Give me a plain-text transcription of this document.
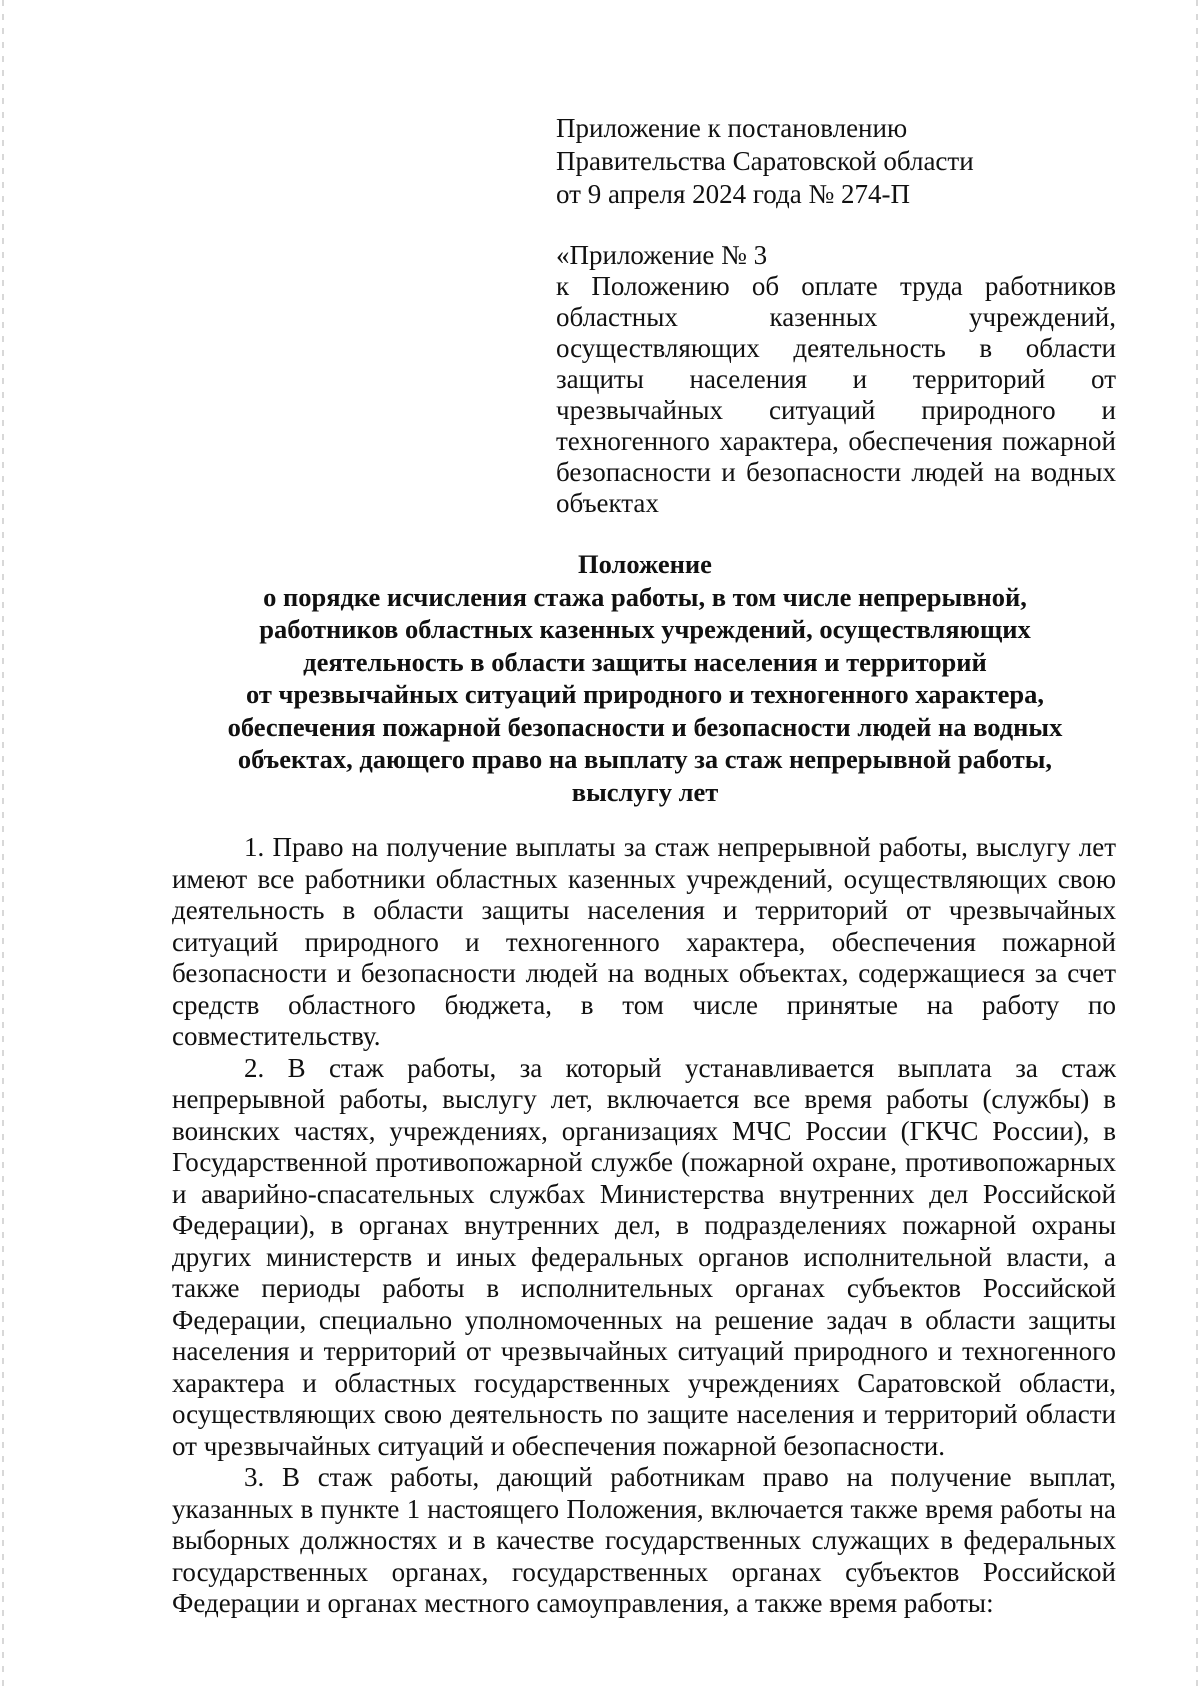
Приложение к постановлению
Правительства Саратовской области
от 9 апреля 2024 года № 274-П
«Приложение № 3
к Положению об оплате труда работников областных казенных учреждений, осуществляющих деятельность в области защиты населения и территорий от чрезвычайных ситуаций природного и техногенного характера, обеспечения пожарной безопасности и безопасности людей на водных объектах
Положение
о порядке исчисления стажа работы, в том числе непрерывной,
работников областных казенных учреждений, осуществляющих
деятельность в области защиты населения и территорий
от чрезвычайных ситуаций природного и техногенного характера,
обеспечения пожарной безопасности и безопасности людей на водных
объектах, дающего право на выплату за стаж непрерывной работы,
выслугу лет

1. Право на получение выплаты за стаж непрерывной работы, выслугу лет имеют все работники областных казенных учреждений, осуществляющих свою деятельность в области защиты населения и территорий от чрезвычайных ситуаций природного и техногенного характера, обеспечения пожарной безопасности и безопасности людей на водных объектах, содержащиеся за счет средств областного бюджета, в том числе принятые на работу по совместительству.

2. В стаж работы, за который устанавливается выплата за стаж непрерывной работы, выслугу лет, включается все время работы (службы) в воинских частях, учреждениях, организациях МЧС России (ГКЧС России), в Государственной противопожарной службе (пожарной охране, противопожарных и аварийно-спасательных службах Министерства внутренних дел Российской Федерации), в органах внутренних дел, в подразделениях пожарной охраны других министерств и иных федеральных органов исполнительной власти, а также периоды работы в исполнительных органах субъектов Российской Федерации, специально уполномоченных на решение задач в области защиты населения и территорий от чрезвычайных ситуаций природного и техногенного характера и областных государственных учреждениях Саратовской области, осуществляющих свою деятельность по защите населения и территорий области от чрезвычайных ситуаций и обеспечения пожарной безопасности.

3. В стаж работы, дающий работникам право на получение выплат, указанных в пункте 1 настоящего Положения, включается также время работы на выборных должностях и в качестве государственных служащих в федеральных государственных органах, государственных органах субъектов Российской Федерации и органах местного самоуправления, а также время работы:
